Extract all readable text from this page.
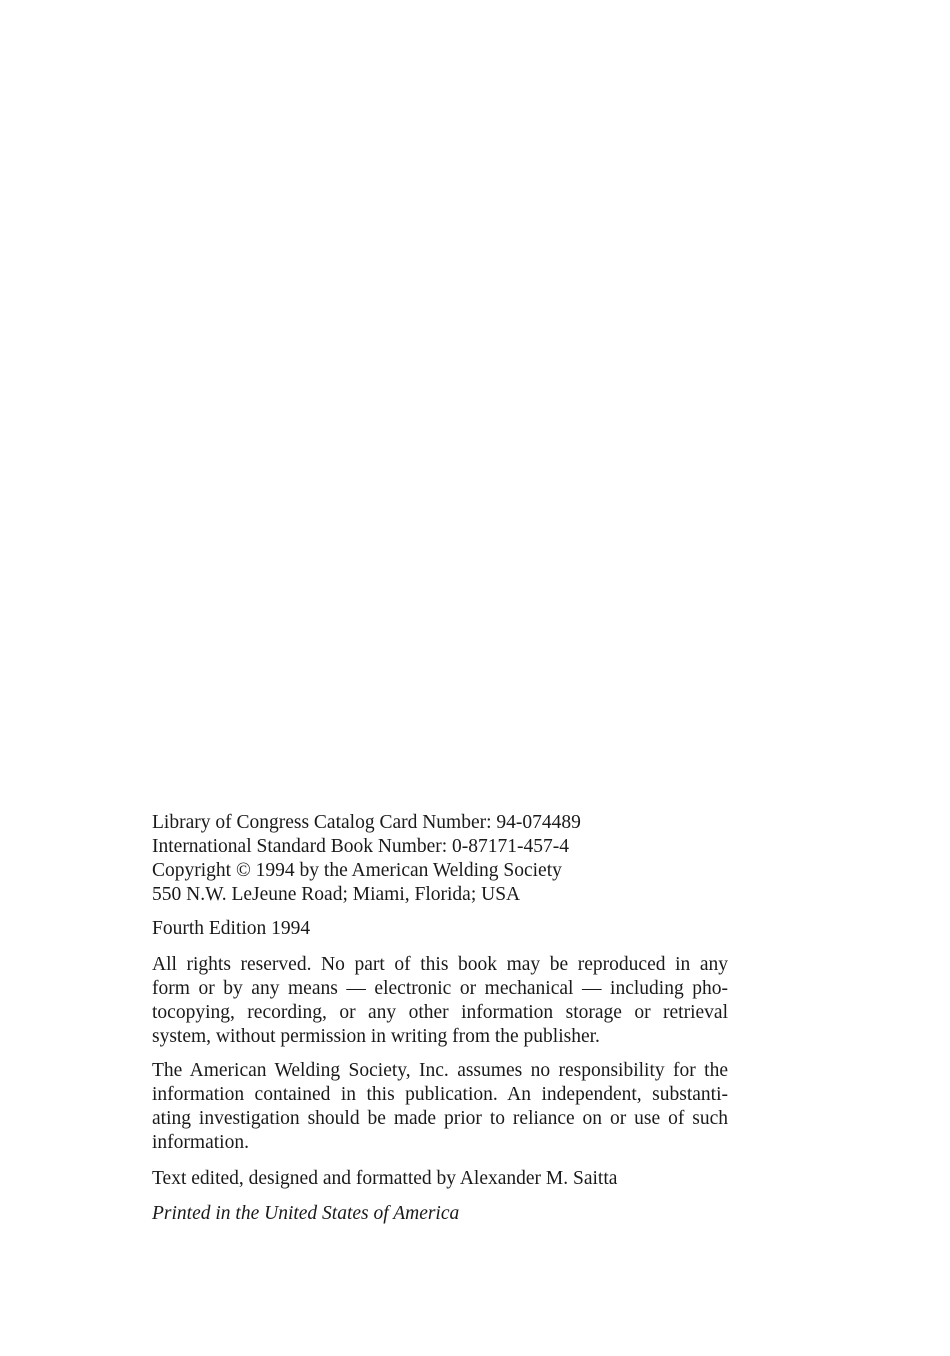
Library of Congress Catalog Card Number: 94-074489
International Standard Book Number: 0-87171-457-4
Copyright © 1994 by the American Welding Society
550 N.W. LeJeune Road; Miami, Florida; USA
Fourth Edition 1994
All rights reserved. No part of this book may be reproduced in any
form or by any means — electronic or mechanical — including pho-
tocopying, recording, or any other information storage or retrieval
system, without permission in writing from the publisher.
The American Welding Society, Inc. assumes no responsibility for the
information contained in this publication. An independent, substanti-
ating investigation should be made prior to reliance on or use of such
information.
Text edited, designed and formatted by Alexander M. Saitta
Printed in the United States of America
